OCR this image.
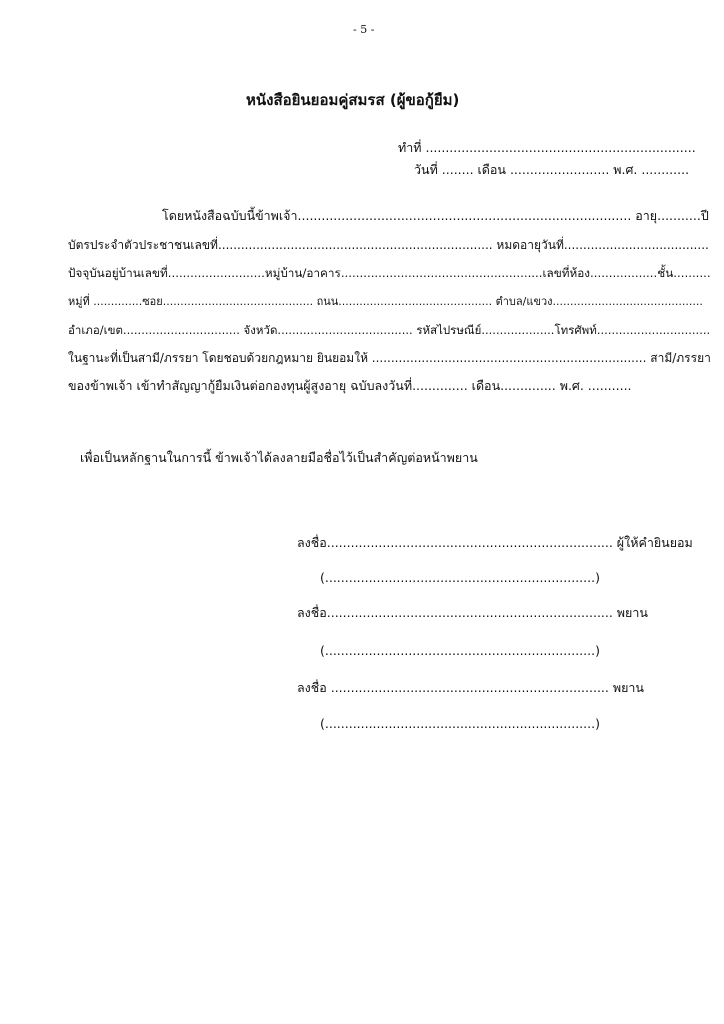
- 5 -
หนังสือยินยอมคู่สมรส (ผู้ขอกู้ยืม)
ทำที่ ....................................................................
วันที่ ........ เดือน ......................... พ.ศ. ............
โดยหนังสือฉบับนี้ข้าพเจ้า.................................................................................... อายุ...........ปี
บัตรประจำตัวประชาชนเลขที่........................................................................ หมดอายุวันที่......................................
ปัจจุบันอยู่บ้านเลขที่..........................หมู่บ้าน/อาคาร......................................................เลขที่ห้อง..................ชั้น..........
หมู่ที่ ..............ซอย........................................... ถนน............................................ ตำบล/แขวง...........................................
อำเภอ/เขต................................ จังหวัด..................................... รหัสไปรษณีย์....................โทรศัพท์...............................
ในฐานะที่เป็นสามี/ภรรยา โดยชอบด้วยกฎหมาย ยินยอมให้ ........................................................................ สามี/ภรรยา
ของข้าพเจ้า เข้าทำสัญญากู้ยืมเงินต่อกองทุนผู้สูงอายุ ฉบับลงวันที่.............. เดือน.............. พ.ศ. ...........
เพื่อเป็นหลักฐานในการนี้ ข้าพเจ้าได้ลงลายมือชื่อไว้เป็นสำคัญต่อหน้าพยาน
ลงชื่อ........................................................................ ผู้ให้คำยินยอม
(....................................................................)
ลงชื่อ........................................................................ พยาน
(....................................................................)
ลงชื่อ ...................................................................... พยาน
(....................................................................)
